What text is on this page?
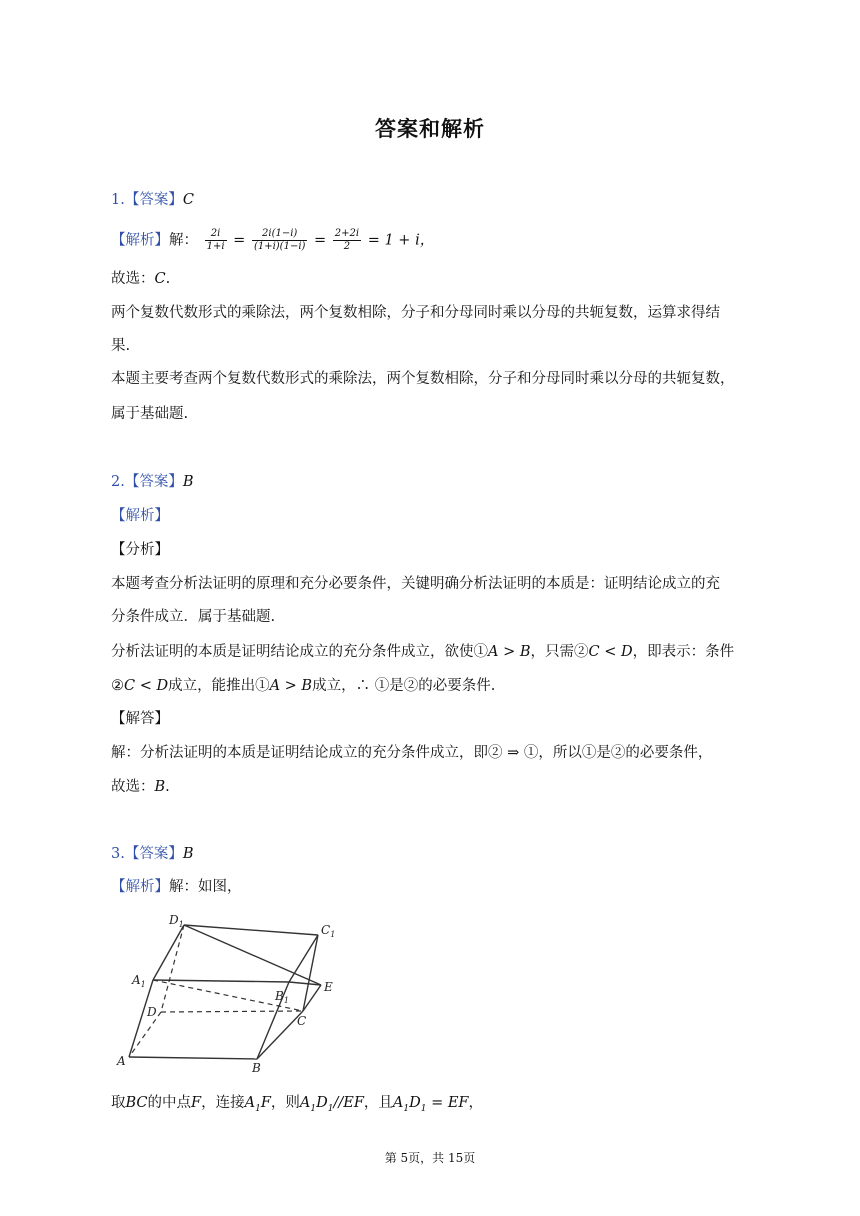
答案和解析
1.【答案】C
【解析】解： $\frac{2i}{1+i} = \frac{2i(1-i)}{(1+i)(1-i)} = \frac{2+2i}{2} = 1 + i$，
故选：C.
两个复数代数形式的乘除法，两个复数相除，分子和分母同时乘以分母的共轭复数，运算求得结
果.
本题主要考查两个复数代数形式的乘除法，两个复数相除，分子和分母同时乘以分母的共轭复数，
属于基础题.
2.【答案】B
【解析】
【分析】
本题考查分析法证明的原理和充分必要条件，关键明确分析法证明的本质是：证明结论成立的充
分条件成立．属于基础题.
分析法证明的本质是证明结论成立的充分条件成立，欲使①A > B，只需②C < D，即表示：条件
②C < D成立，能推出①A > B成立，∴ ①是②的必要条件.
【解答】
解：分析法证明的本质是证明结论成立的充分条件成立，即② ⇒ ①，所以①是②的必要条件，
故选：B.
3.【答案】B
【解析】解：如图，
$D_1$	$C_1$
$A_1$
$B_1$
E
D
C
A	B
取BC的中点F，连接$A_1F$，则$A_1D_1//EF$，且$A_1D_1$ = EF，
第 5页，共 15页
